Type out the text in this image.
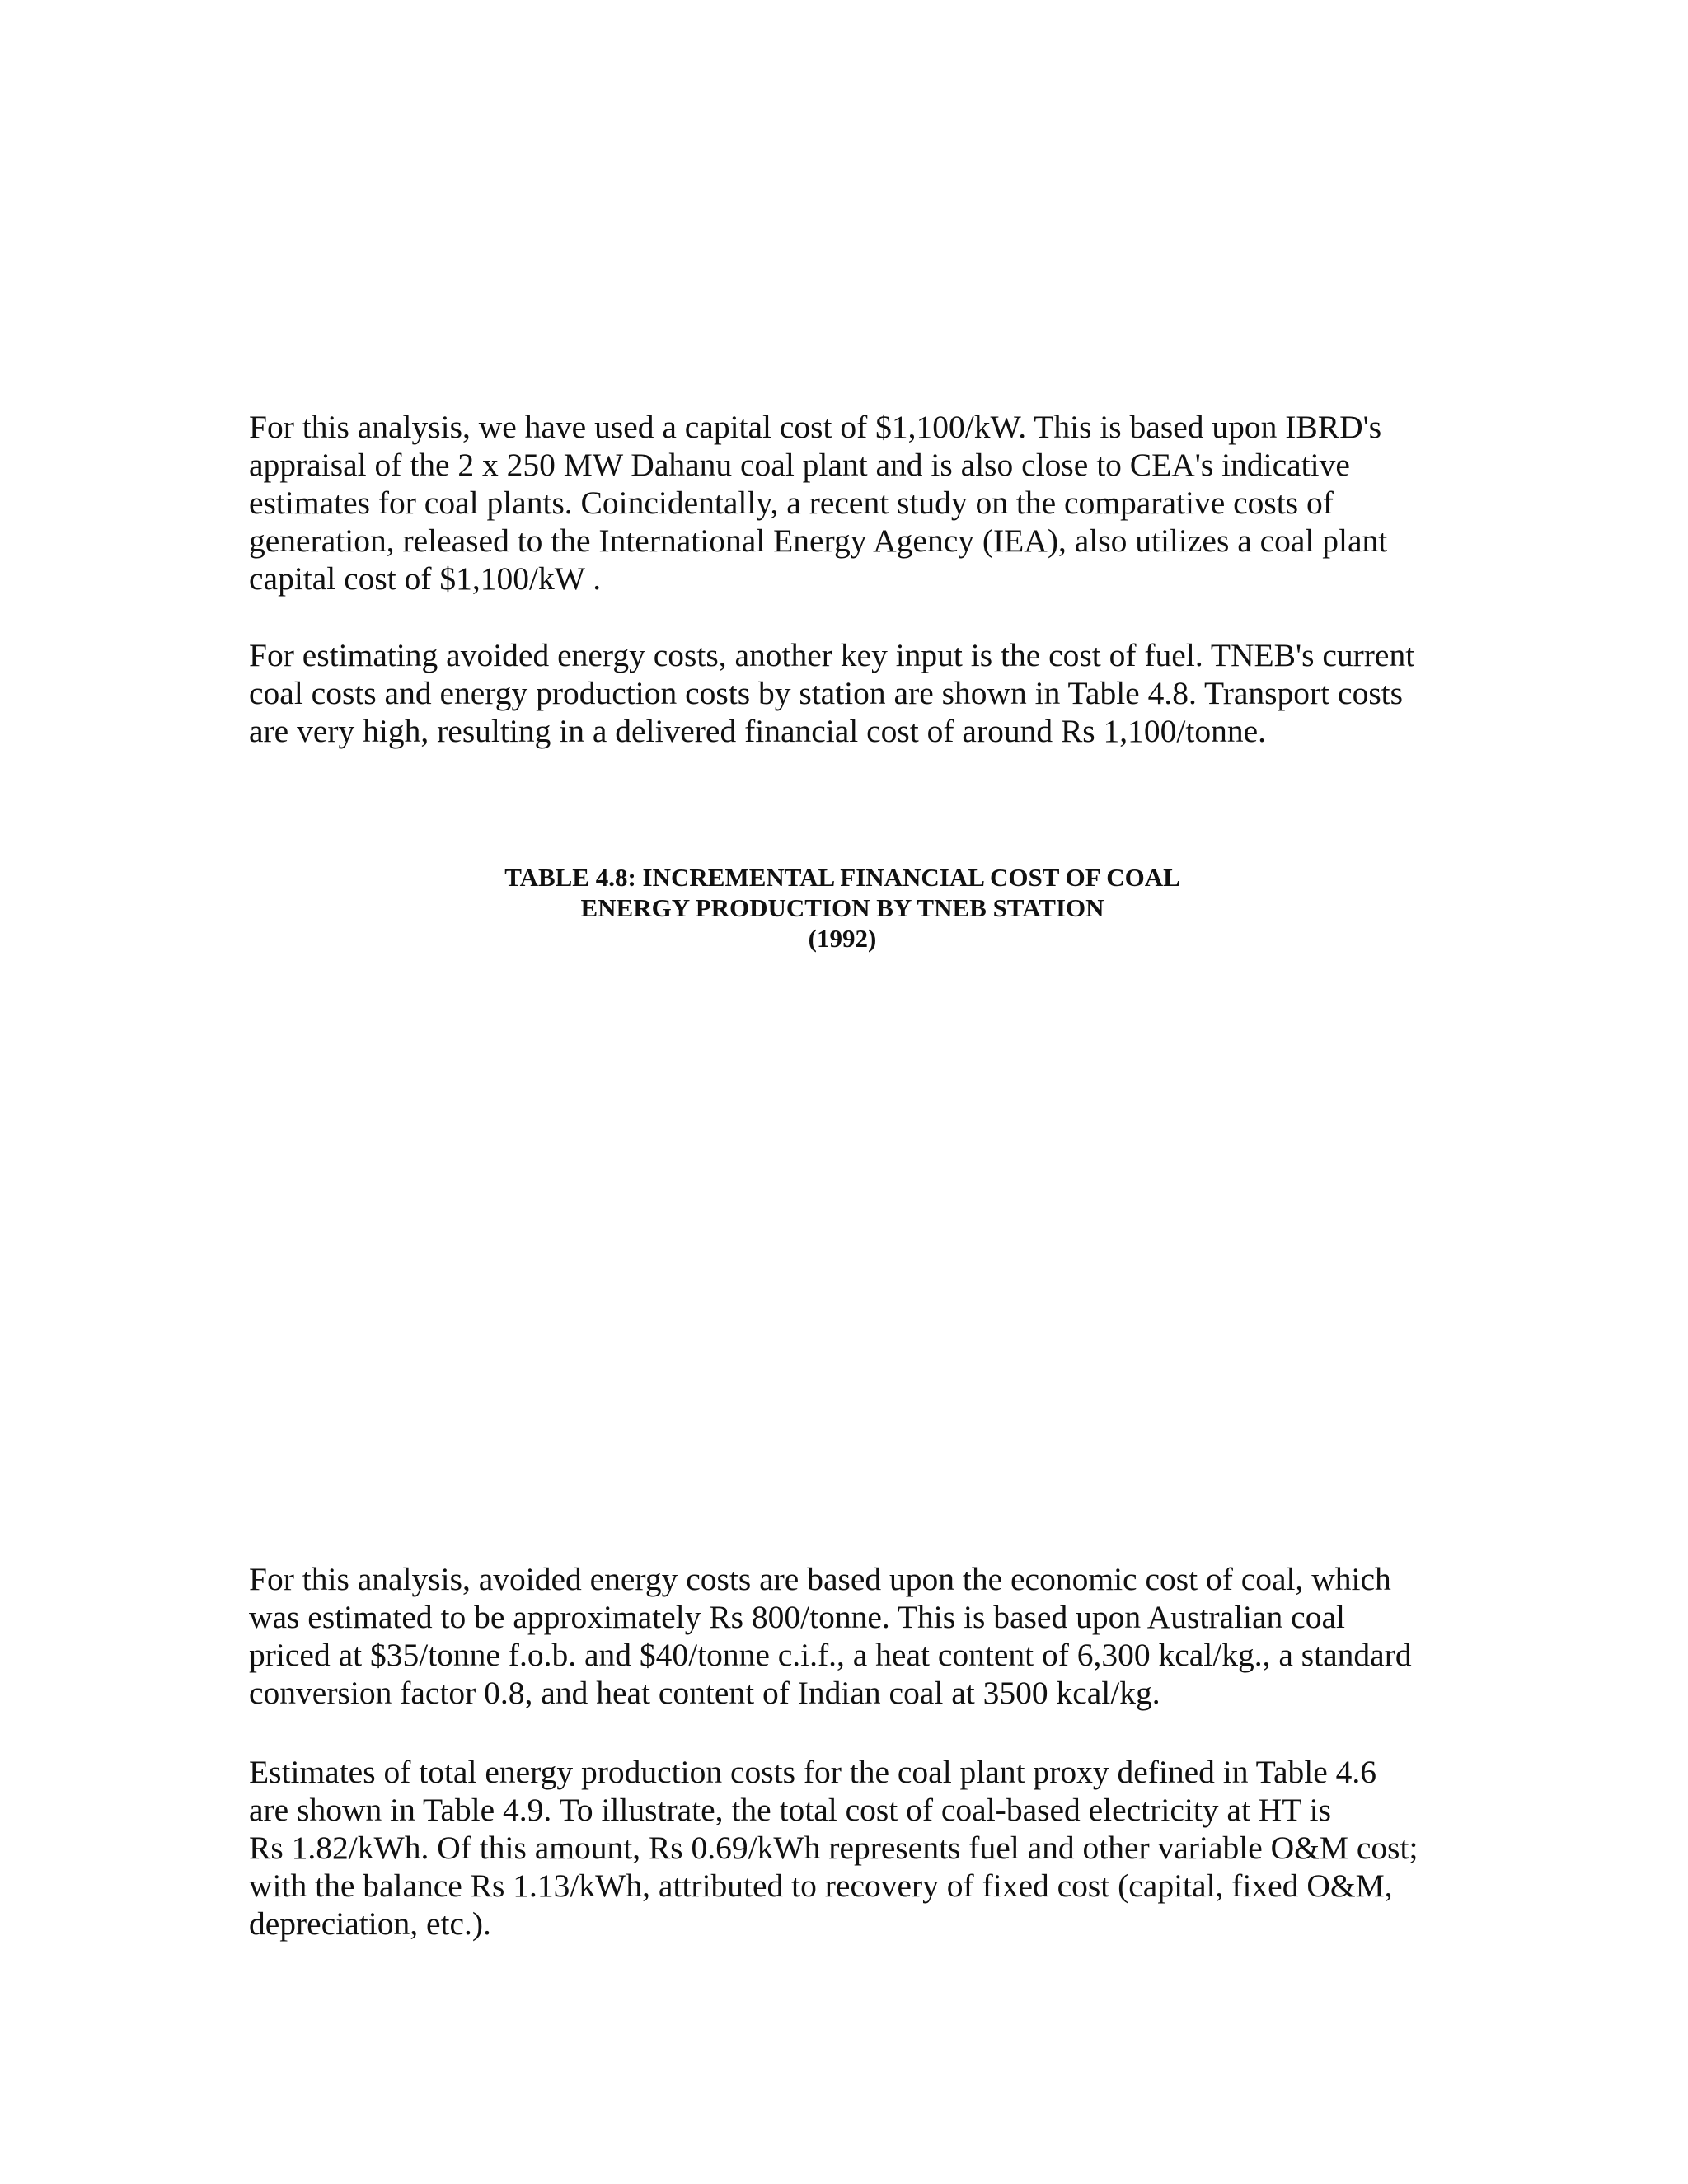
For this analysis, we have used a capital cost of $1,100/kW. This is based upon IBRD's
appraisal of the 2 x 250 MW Dahanu coal plant and is also close to CEA's indicative
estimates for coal plants. Coincidentally, a recent study on the comparative costs of
generation, released to the International Energy Agency (IEA), also utilizes a coal plant
capital cost of $1,100/kW .

For estimating avoided energy costs, another key input is the cost of fuel. TNEB's current
coal costs and energy production costs by station are shown in Table 4.8. Transport costs
are very high, resulting in a delivered financial cost of around Rs 1,100/tonne.

TABLE 4.8: INCREMENTAL FINANCIAL COST OF COAL
ENERGY PRODUCTION BY TNEB STATION
(1992)

For this analysis, avoided energy costs are based upon the economic cost of coal, which
was estimated to be approximately Rs 800/tonne. This is based upon Australian coal
priced at $35/tonne f.o.b. and $40/tonne c.i.f., a heat content of 6,300 kcal/kg., a standard
conversion factor 0.8, and heat content of Indian coal at 3500 kcal/kg.

Estimates of total energy production costs for the coal plant proxy defined in Table 4.6
are shown in Table 4.9. To illustrate, the total cost of coal-based electricity at HT is
Rs 1.82/kWh. Of this amount, Rs 0.69/kWh represents fuel and other variable O&M cost;
with the balance Rs 1.13/kWh, attributed to recovery of fixed cost (capital, fixed O&M,
depreciation, etc.).
